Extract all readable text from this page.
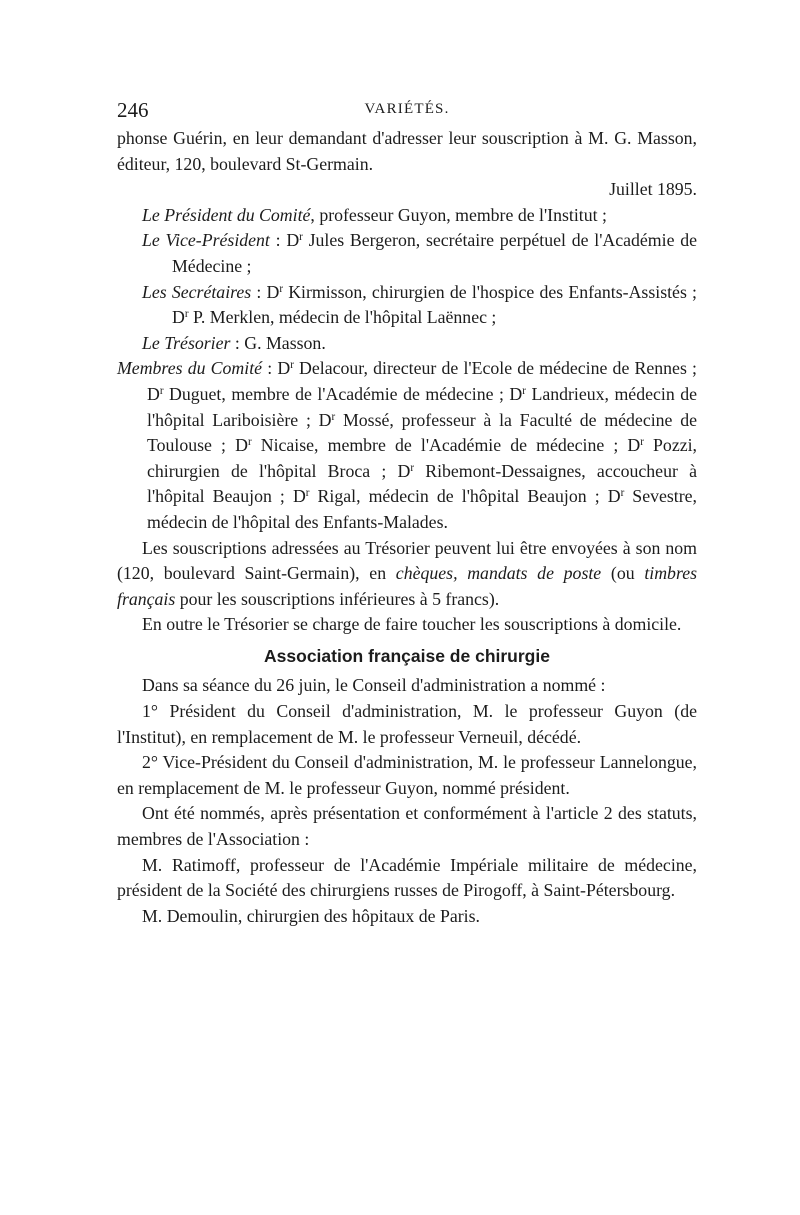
246	VARIÉTÉS.

phonse Guérin, en leur demandant d'adresser leur souscription à M. G. Masson, éditeur, 120, boulevard St-Germain.

Juillet 1895.

Le Président du Comité, professeur Guyon, membre de l'Institut ;

Le Vice-Président : $D^r$ Jules Bergeron, secrétaire perpétuel de l'Académie de Médecine ;

Les Secrétaires : $D^r$ Kirmisson, chirurgien de l'hospice des Enfants-Assistés ; $D^r$ P. Merklen, médecin de l'hôpital Laënnec ;

Le Trésorier : G. Masson.

Membres du Comité : $D^r$ Delacour, directeur de l'Ecole de médecine de Rennes ; $D^r$ Duguet, membre de l'Académie de médecine ; $D^r$ Landrieux, médecin de l'hôpital Lariboisière ; $D^r$ Mossé, professeur à la Faculté de médecine de Toulouse ; $D^r$ Nicaise, membre de l'Académie de médecine ; $D^r$ Pozzi, chirurgien de l'hôpital Broca ; $D^r$ Ribemont-Dessaignes, accoucheur à l'hôpital Beaujon ; $D^r$ Rigal, médecin de l'hôpital Beaujon ; $D^r$ Sevestre, médecin de l'hôpital des Enfants-Malades.

Les souscriptions adressées au Trésorier peuvent lui être envoyées à son nom (120, boulevard Saint-Germain), en chèques, mandats de poste (ou timbres français pour les souscriptions inférieures à 5 francs).

En outre le Trésorier se charge de faire toucher les souscriptions à domicile.

Association française de chirurgie

Dans sa séance du 26 juin, le Conseil d'administration a nommé :

1° Président du Conseil d'administration, M. le professeur Guyon (de l'Institut), en remplacement de M. le professeur Verneuil, décédé.

2° Vice-Président du Conseil d'administration, M. le professeur Lannelongue, en remplacement de M. le professeur Guyon, nommé président.

Ont été nommés, après présentation et conformément à l'article 2 des statuts, membres de l'Association :

M. Ratimoff, professeur de l'Académie Impériale militaire de médecine, président de la Société des chirurgiens russes de Pirogoff, à Saint-Pétersbourg.

M. Demoulin, chirurgien des hôpitaux de Paris.
